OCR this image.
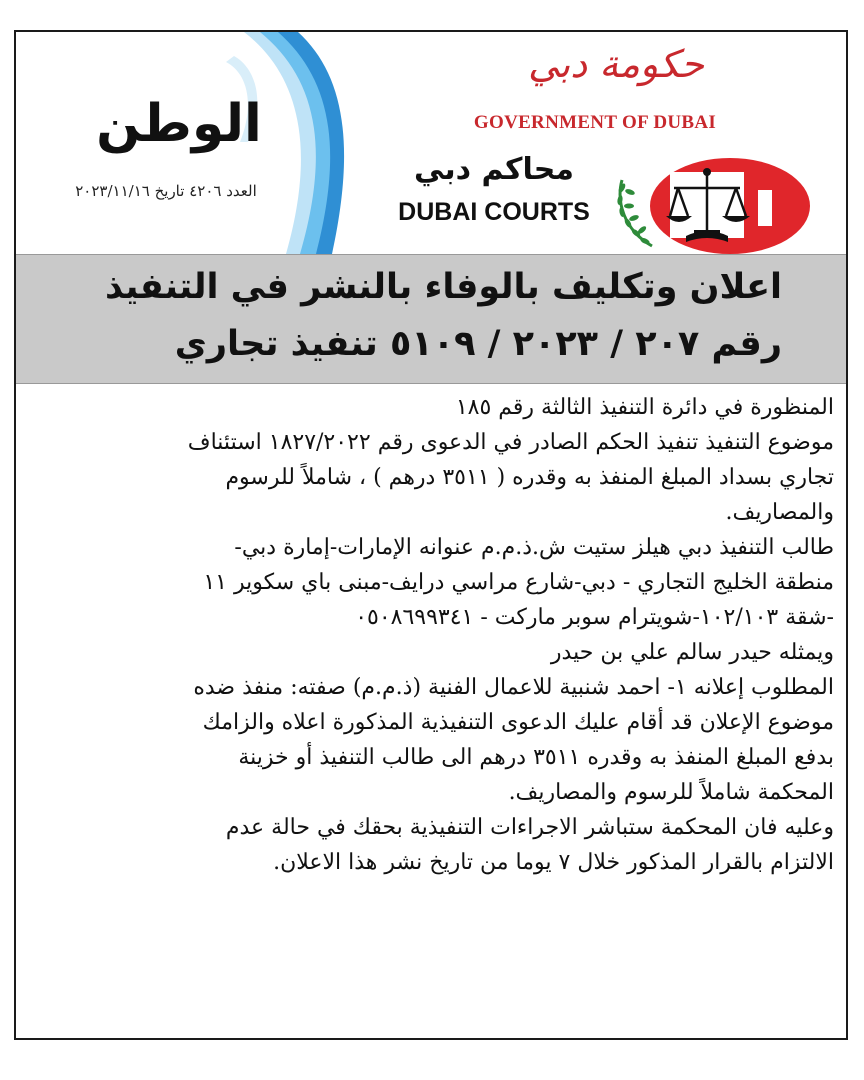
الوطن
العدد ٤٢٠٦ تاريخ ٢٠٢٣/١١/١٦
حكومة دبي
GOVERNMENT OF DUBAI
محاكم دبي
DUBAI COURTS
اعلان وتكليف بالوفاء بالنشر في التنفيذ
رقم ٢٠٧ / ٢٠٢٣ / ٥١٠٩ تنفيذ تجاري
المنظورة في دائرة التنفيذ الثالثة رقم ١٨٥
موضوع التنفيذ تنفيذ الحكم الصادر في الدعوى رقم ١٨٢٧/٢٠٢٢ استئناف
تجاري بسداد المبلغ المنفذ به وقدره ( ٣٥١١ درهم ) ، شاملاً للرسوم
والمصاريف.
طالب التنفيذ دبي هيلز ستيت ش.ذ.م.م عنوانه الإمارات-إمارة دبي-
منطقة الخليج التجاري - دبي-شارع مراسي درايف-مبنى باي سكوير ١١
-شقة ١٠٢/١٠٣-شويترام سوبر ماركت - ٠٥٠٨٦٩٩٣٤١
ويمثله حيدر سالم علي بن حيدر
المطلوب إعلانه ١- احمد شنبية للاعمال الفنية (ذ.م.م) صفته: منفذ ضده
موضوع الإعلان قد أقام عليك الدعوى التنفيذية المذكورة اعلاه والزامك
بدفع المبلغ المنفذ به وقدره ٣٥١١ درهم الى طالب التنفيذ أو خزينة
المحكمة شاملاً للرسوم والمصاريف.
وعليه فان المحكمة ستباشر الاجراءات التنفيذية بحقك في حالة عدم
الالتزام بالقرار المذكور خلال ٧ يوما من تاريخ نشر هذا الاعلان.
